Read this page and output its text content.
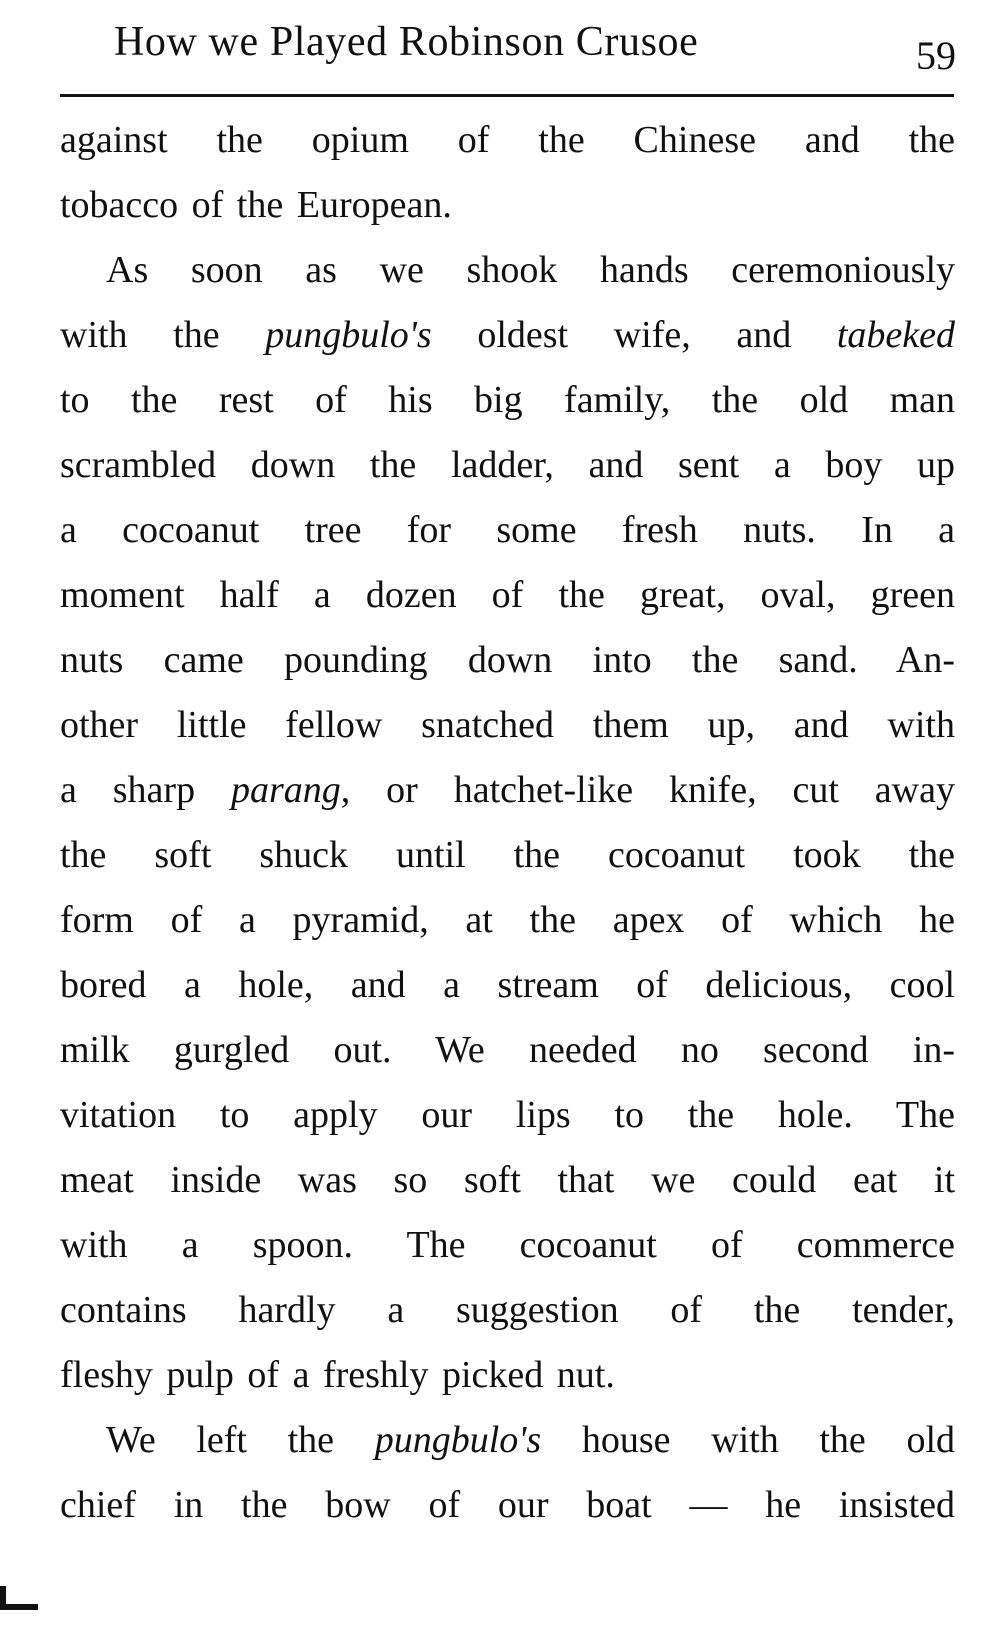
How we Played Robinson Crusoe	59
against the opium of the Chinese and the
tobacco of the European.
As soon as we shook hands ceremoniously
with the pungbulo's oldest wife, and tabeked
to the rest of his big family, the old man
scrambled down the ladder, and sent a boy up
a cocoanut tree for some fresh nuts. In a
moment half a dozen of the great, oval, green
nuts came pounding down into the sand. An-
other little fellow snatched them up, and with
a sharp parang, or hatchet-like knife, cut away
the soft shuck until the cocoanut took the
form of a pyramid, at the apex of which he
bored a hole, and a stream of delicious, cool
milk gurgled out. We needed no second in-
vitation to apply our lips to the hole. The
meat inside was so soft that we could eat it
with a spoon. The cocoanut of commerce
contains hardly a suggestion of the tender,
fleshy pulp of a freshly picked nut.
We left the pungbulo's house with the old
chief in the bow of our boat — he insisted
